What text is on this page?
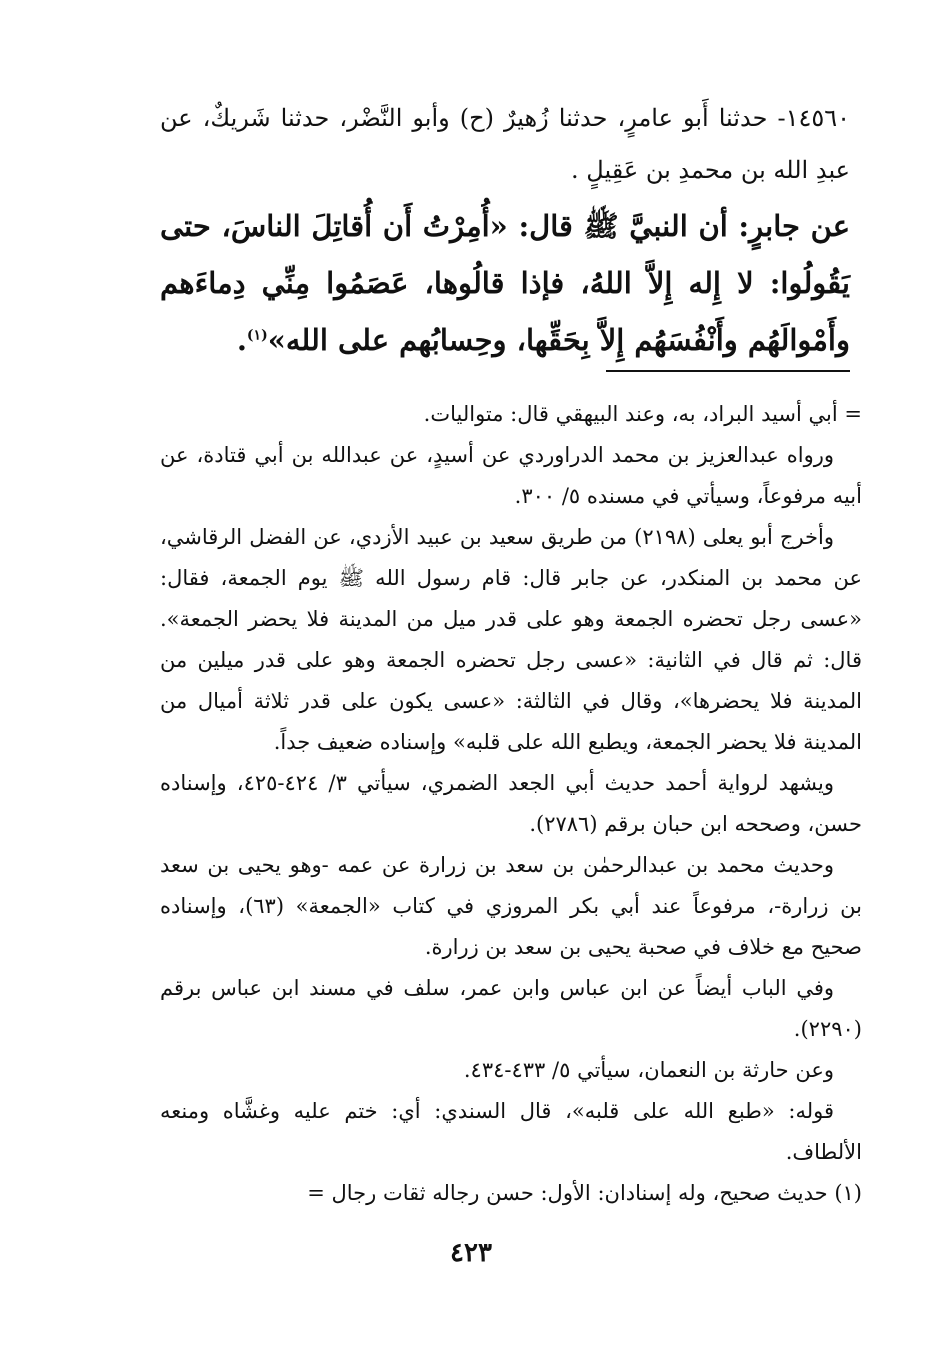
١٤٥٦٠- حدثنا أَبو عامرٍ، حدثنا زُهيرٌ (ح) وأبو النَّضْر، حدثنا شَريكٌ، عن عبدِ الله بن محمدِ بن عَقِيلٍ .
عن جابرٍ: أن النبيَّ ﷺ قال: «أُمِرْتُ أَن أُقاتِلَ الناسَ، حتى يَقُولُوا: لا إِله إِلاَّ اللهُ، فإذا قالُوها، عَصَمُوا مِنِّي دِماءَهم وأَمْوالَهُم وأَنْفُسَهُم إِلاَّ بِحَقِّها، وحِسابُهم على الله»$^{(١)}$.

= أبي أسيد البراد، به، وعند البيهقي قال: متواليات.

ورواه عبدالعزيز بن محمد الدراوردي عن أسيدٍ، عن عبدالله بن أبي قتادة، عن أبيه مرفوعاً، وسيأتي في مسنده ٥/ ٣٠٠.

وأخرج أبو يعلى (٢١٩٨) من طريق سعيد بن عبيد الأزدي، عن الفضل الرقاشي، عن محمد بن المنكدر، عن جابر قال: قام رسول الله ﷺ يوم الجمعة، فقال: «عسى رجل تحضره الجمعة وهو على قدر ميل من المدينة فلا يحضر الجمعة». قال: ثم قال في الثانية: «عسى رجل تحضره الجمعة وهو على قدر ميلين من المدينة فلا يحضرها»، وقال في الثالثة: «عسى يكون على قدر ثلاثة أميال من المدينة فلا يحضر الجمعة، ويطبع الله على قلبه» وإسناده ضعيف جداً.

ويشهد لرواية أحمد حديث أبي الجعد الضمري، سيأتي ٣/ ٤٢٤-٤٢٥، وإسناده حسن، وصححه ابن حبان برقم (٢٧٨٦).

وحديث محمد بن عبدالرحمٰن بن سعد بن زرارة عن عمه -وهو يحيى بن سعد بن زرارة-، مرفوعاً عند أبي بكر المروزي في كتاب «الجمعة» (٦٣)، وإسناده صحيح مع خلاف في صحبة يحيى بن سعد بن زرارة.

وفي الباب أيضاً عن ابن عباس وابن عمر، سلف في مسند ابن عباس برقم (٢٢٩٠).

وعن حارثة بن النعمان، سيأتي ٥/ ٤٣٣-٤٣٤.

قوله: «طبع الله على قلبه»، قال السندي: أي: ختم عليه وغشَّاه ومنعه الألطاف.

(١) حديث صحيح، وله إسنادان: الأول: حسن رجاله ثقات رجال =

٤٢٣
